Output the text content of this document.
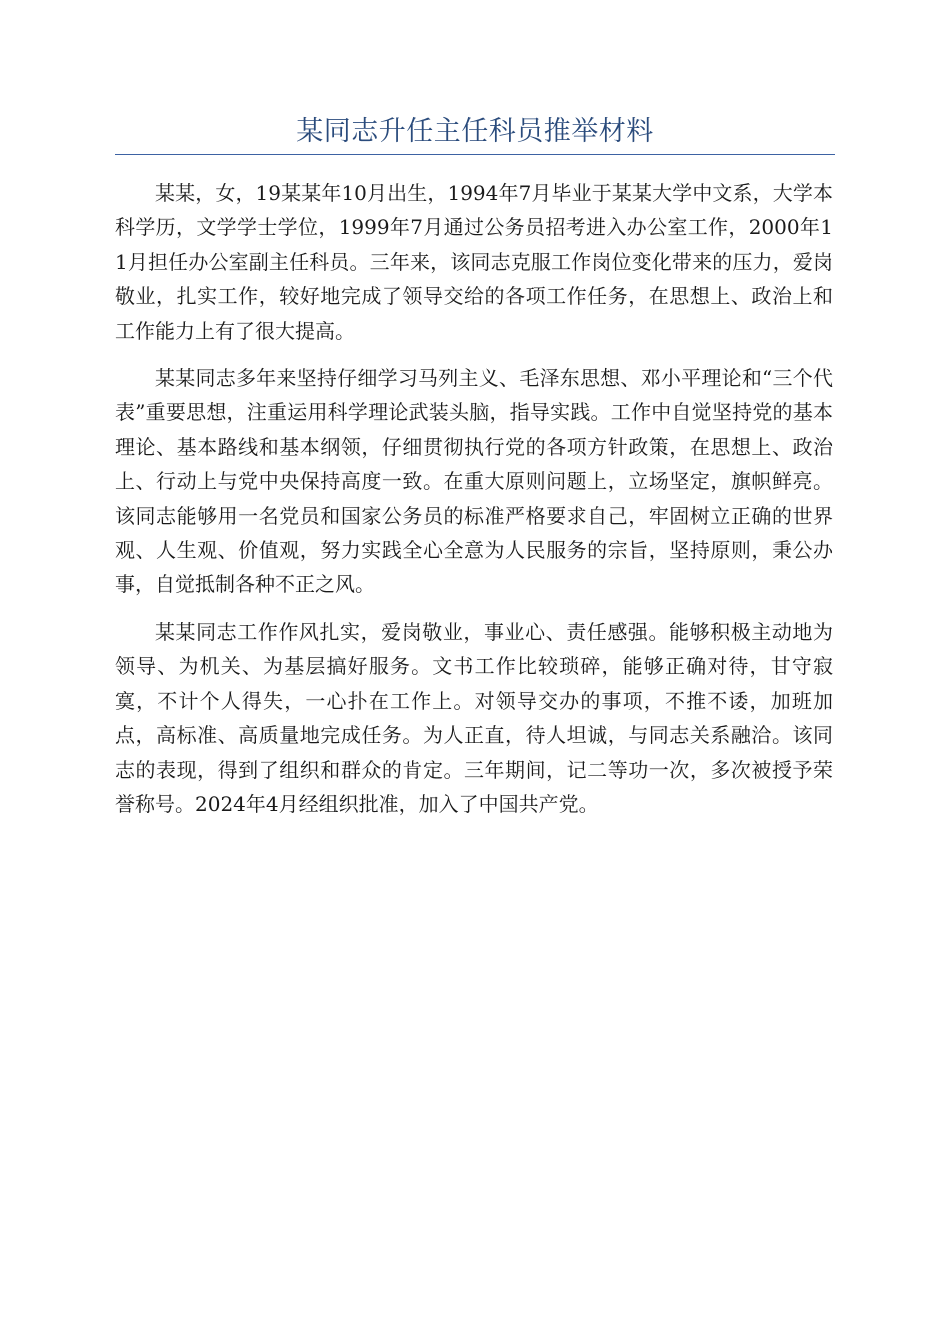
某同志升任主任科员推举材料

某某，女，19某某年10月出生，1994年7月毕业于某某大学中文系，大学本科学历，文学学士学位，1999年7月通过公务员招考进入办公室工作，2000年11月担任办公室副主任科员。三年来，该同志克服工作岗位变化带来的压力，爱岗敬业，扎实工作，较好地完成了领导交给的各项工作任务，在思想上、政治上和工作能力上有了很大提高。

某某同志多年来坚持仔细学习马列主义、毛泽东思想、邓小平理论和“三个代表”重要思想，注重运用科学理论武装头脑，指导实践。工作中自觉坚持党的基本理论、基本路线和基本纲领，仔细贯彻执行党的各项方针政策，在思想上、政治上、行动上与党中央保持高度一致。在重大原则问题上，立场坚定，旗帜鲜亮。该同志能够用一名党员和国家公务员的标准严格要求自己，牢固树立正确的世界观、人生观、价值观，努力实践全心全意为人民服务的宗旨，坚持原则，秉公办事，自觉抵制各种不正之风。

某某同志工作作风扎实，爱岗敬业，事业心、责任感强。能够积极主动地为领导、为机关、为基层搞好服务。文书工作比较琐碎，能够正确对待，甘守寂寞，不计个人得失，一心扑在工作上。对领导交办的事项，不推不诿，加班加点，高标准、高质量地完成任务。为人正直，待人坦诚，与同志关系融洽。该同志的表现，得到了组织和群众的肯定。三年期间，记二等功一次，多次被授予荣誉称号。2024年4月经组织批准，加入了中国共产党。
